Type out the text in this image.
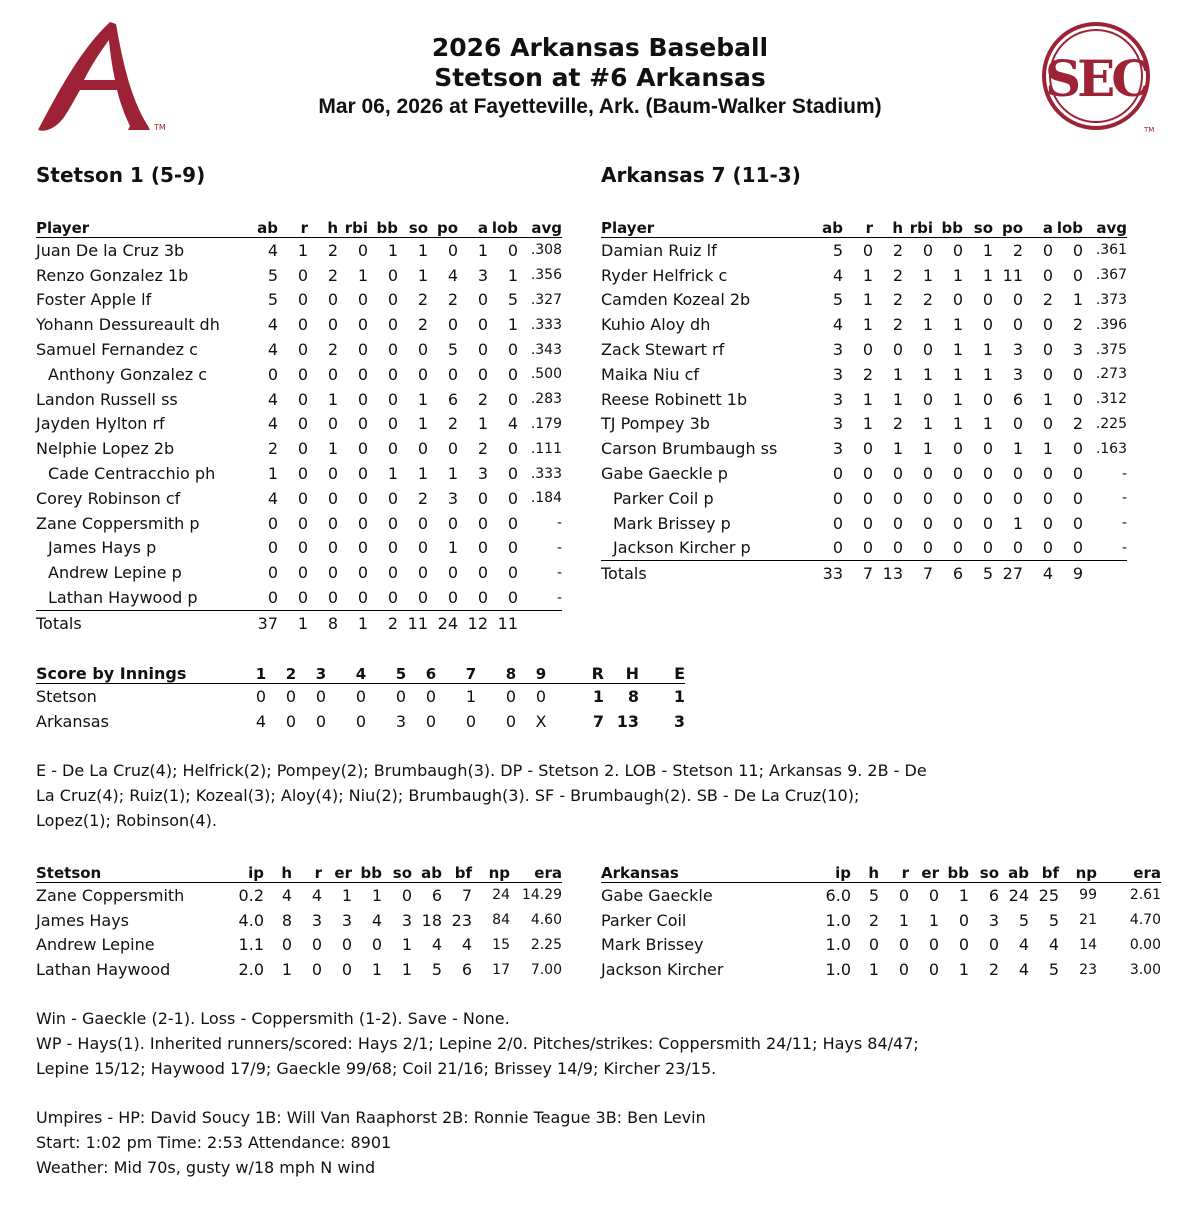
TM
SEC
TM
2026 Arkansas Baseball
Stetson at #6 Arkansas
Mar 06, 2026 at Fayetteville, Ark. (Baum-Walker Stadium)
Stetson 1 (5-9)	Arkansas 7 (11-3)
Player	ab	r	h	rbi	bb	so	po	a	lob	avg
Juan De la Cruz 3b	4	1	2	0	1	1	0	1	0	.308
Renzo Gonzalez 1b	5	0	2	1	0	1	4	3	1	.356
Foster Apple lf	5	0	0	0	0	2	2	0	5	.327
Yohann Dessureault dh	4	0	0	0	0	2	0	0	1	.333
Samuel Fernandez c	4	0	2	0	0	0	5	0	0	.343
Anthony Gonzalez c	0	0	0	0	0	0	0	0	0	.500
Landon Russell ss	4	0	1	0	0	1	6	2	0	.283
Jayden Hylton rf	4	0	0	0	0	1	2	1	4	.179
Nelphie Lopez 2b	2	0	1	0	0	0	0	2	0	.111
Cade Centracchio ph	1	0	0	0	1	1	1	3	0	.333
Corey Robinson cf	4	0	0	0	0	2	3	0	0	.184
Zane Coppersmith p	0	0	0	0	0	0	0	0	0	-
James Hays p	0	0	0	0	0	0	1	0	0	-
Andrew Lepine p	0	0	0	0	0	0	0	0	0	-
Lathan Haywood p	0	0	0	0	0	0	0	0	0	-
Totals	37	1	8	1	2	11	24	12	11	
Player	ab	r	h	rbi	bb	so	po	a	lob	avg
Damian Ruiz lf	5	0	2	0	0	1	2	0	0	.361
Ryder Helfrick c	4	1	2	1	1	1	11	0	0	.367
Camden Kozeal 2b	5	1	2	2	0	0	0	2	1	.373
Kuhio Aloy dh	4	1	2	1	1	0	0	0	2	.396
Zack Stewart rf	3	0	0	0	1	1	3	0	3	.375
Maika Niu cf	3	2	1	1	1	1	3	0	0	.273
Reese Robinett 1b	3	1	1	0	1	0	6	1	0	.312
TJ Pompey 3b	3	1	2	1	1	1	0	0	2	.225
Carson Brumbaugh ss	3	0	1	1	0	0	1	1	0	.163
Gabe Gaeckle p	0	0	0	0	0	0	0	0	0	-
Parker Coil p	0	0	0	0	0	0	0	0	0	-
Mark Brissey p	0	0	0	0	0	0	1	0	0	-
Jackson Kircher p	0	0	0	0	0	0	0	0	0	-
Totals	33	7	13	7	6	5	27	4	9	
Score by Innings	1	2	3	4	5	6	7	8	9	R	H	E
Stetson	0	0	0	0	0	0	1	0	0	1	8	1
Arkansas	4	0	0	0	3	0	0	0	X	7	13	3
E - De La Cruz(4); Helfrick(2); Pompey(2); Brumbaugh(3). DP - Stetson 2. LOB - Stetson 11; Arkansas 9. 2B - De
La Cruz(4); Ruiz(1); Kozeal(3); Aloy(4); Niu(2); Brumbaugh(3). SF - Brumbaugh(2). SB - De La Cruz(10);
Lopez(1); Robinson(4).
Stetson	ip	h	r	er	bb	so	ab	bf	np	era
Zane Coppersmith	0.2	4	4	1	1	0	6	7	24	14.29
James Hays	4.0	8	3	3	4	3	18	23	84	4.60
Andrew Lepine	1.1	0	0	0	0	1	4	4	15	2.25
Lathan Haywood	2.0	1	0	0	1	1	5	6	17	7.00
Arkansas	ip	h	r	er	bb	so	ab	bf	np	era
Gabe Gaeckle	6.0	5	0	0	1	6	24	25	99	2.61
Parker Coil	1.0	2	1	1	0	3	5	5	21	4.70
Mark Brissey	1.0	0	0	0	0	0	4	4	14	0.00
Jackson Kircher	1.0	1	0	0	1	2	4	5	23	3.00
Win - Gaeckle (2-1). Loss - Coppersmith (1-2). Save - None.
WP - Hays(1). Inherited runners/scored: Hays 2/1; Lepine 2/0. Pitches/strikes: Coppersmith 24/11; Hays 84/47;
Lepine 15/12; Haywood 17/9; Gaeckle 99/68; Coil 21/16; Brissey 14/9; Kircher 23/15.
Umpires - HP: David Soucy 1B: Will Van Raaphorst 2B: Ronnie Teague 3B: Ben Levin
Start: 1:02 pm Time: 2:53 Attendance: 8901
Weather: Mid 70s, gusty w/18 mph N wind
